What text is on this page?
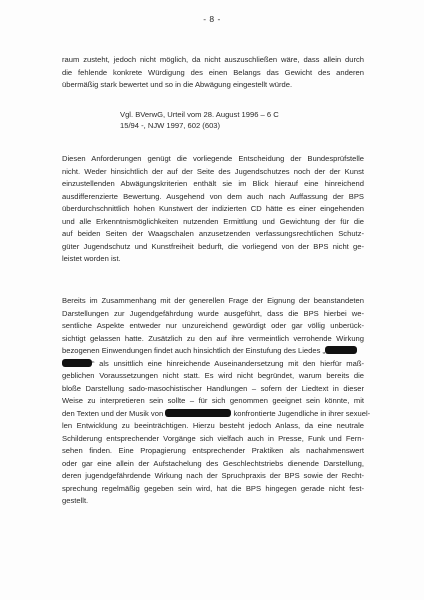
- 8 -
raum zusteht, jedoch nicht möglich, da nicht auszuschließen wäre, dass allein durch
die fehlende konkrete Würdigung des einen Belangs das Gewicht des anderen
übermäßig stark bewertet und so in die Abwägung eingestellt würde.
Vgl. BVerwG, Urteil vom 28. August 1996 – 6 C
15/94 -, NJW 1997, 602 (603)
Diesen Anforderungen genügt die vorliegende Entscheidung der Bundesprüfstelle
nicht. Weder hinsichtlich der auf der Seite des Jugendschutzes noch der der Kunst
einzustellenden Abwägungskriterien enthält sie im Blick hierauf eine hinreichend
ausdifferenzierte Bewertung. Ausgehend von dem auch nach Auffassung der BPS
überdurchschnittlich hohen Kunstwert der indizierten CD hätte es einer eingehenden
und alle Erkenntnismöglichkeiten nutzenden Ermittlung und Gewichtung der für die
auf beiden Seiten der Waagschalen anzusetzenden verfassungsrechtlichen Schutz-
güter Jugendschutz und Kunstfreiheit bedurft, die vorliegend von der BPS nicht ge-
leistet worden ist.
Bereits im Zusammenhang mit der generellen Frage der Eignung der beanstandeten
Darstellungen zur Jugendgefährdung wurde ausgeführt, dass die BPS hierbei we-
sentliche Aspekte entweder nur unzureichend gewürdigt oder gar völlig unberück-
sichtigt gelassen hatte. Zusätzlich zu den auf ihre vermeintlich verrohende Wirkung
bezogenen Einwendungen findet auch hinsichtlich der Einstufung des Liedes „
“ als unsittlich eine hinreichende Auseinandersetzung mit den hierfür maß-
geblichen Voraussetzungen nicht statt. Es wird nicht begründet, warum bereits die
bloße Darstellung sado-masochistischer Handlungen – sofern der Liedtext in dieser
Weise zu interpretieren sein sollte – für sich genommen geeignet sein könnte, mit
den Texten und der Musik von	konfrontierte Jugendliche in ihrer sexuel-
len Entwicklung zu beeinträchtigen. Hierzu besteht jedoch Anlass, da eine neutrale
Schilderung entsprechender Vorgänge sich vielfach auch in Presse, Funk und Fern-
sehen finden. Eine Propagierung entsprechender Praktiken als nachahmenswert
oder gar eine allein der Aufstachelung des Geschlechtstriebs dienende Darstellung,
deren jugendgefährdende Wirkung nach der Spruchpraxis der BPS sowie der Recht-
sprechung regelmäßig gegeben sein wird, hat die BPS hingegen gerade nicht fest-
gestellt.
